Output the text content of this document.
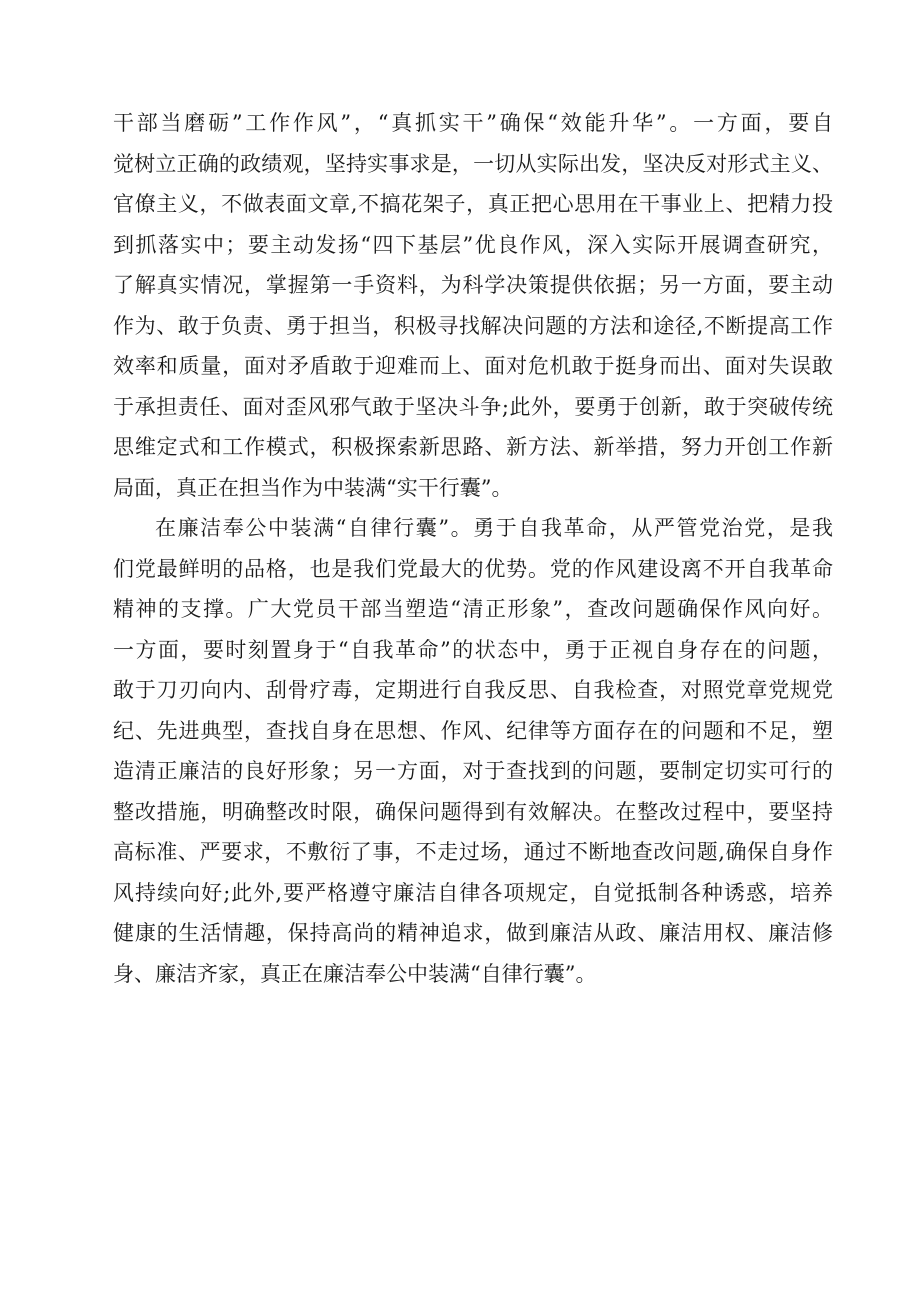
干部当磨砺”工作作风”，“真抓实干”确保“效能升华”。一方面，要自
觉树立正确的政绩观，坚持实事求是，一切从实际出发，坚决反对形式主义、
官僚主义，不做表面文章,不搞花架子，真正把心思用在干事业上、把精力投
到抓落实中；要主动发扬“四下基层”优良作风，深入实际开展调查研究，
了解真实情况，掌握第一手资料，为科学决策提供依据；另一方面，要主动
作为、敢于负责、勇于担当，积极寻找解决问题的方法和途径,不断提高工作
效率和质量，面对矛盾敢于迎难而上、面对危机敢于挺身而出、面对失误敢
于承担责任、面对歪风邪气敢于坚决斗争;此外，要勇于创新，敢于突破传统
思维定式和工作模式，积极探索新思路、新方法、新举措，努力开创工作新
局面，真正在担当作为中装满“实干行囊”。
在廉洁奉公中装满“自律行囊”。勇于自我革命，从严管党治党，是我
们党最鲜明的品格，也是我们党最大的优势。党的作风建设离不开自我革命
精神的支撑。广大党员干部当塑造“清正形象”，查改问题确保作风向好。
一方面，要时刻置身于“自我革命”的状态中，勇于正视自身存在的问题，
敢于刀刃向内、刮骨疗毒，定期进行自我反思、自我检查，对照党章党规党
纪、先进典型，查找自身在思想、作风、纪律等方面存在的问题和不足，塑
造清正廉洁的良好形象；另一方面，对于查找到的问题，要制定切实可行的
整改措施，明确整改时限，确保问题得到有效解决。在整改过程中，要坚持
高标准、严要求，不敷衍了事，不走过场，通过不断地查改问题,确保自身作
风持续向好;此外,要严格遵守廉洁自律各项规定，自觉抵制各种诱惑，培养
健康的生活情趣，保持高尚的精神追求，做到廉洁从政、廉洁用权、廉洁修
身、廉洁齐家，真正在廉洁奉公中装满“自律行囊”。
